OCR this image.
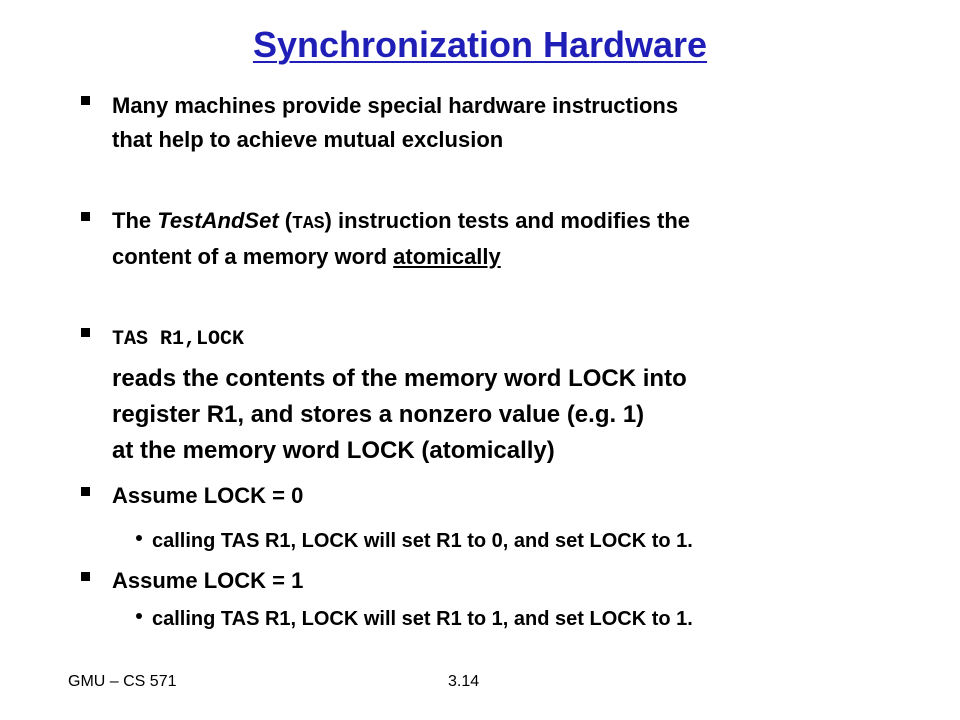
Synchronization Hardware
Many machines provide special hardware instructions
that help to achieve mutual exclusion
The TestAndSet (TAS) instruction tests and modifies the
content of a memory word atomically
TAS R1,LOCK
reads the contents of the memory word LOCK into
register R1, and stores a nonzero value (e.g. 1)
at the memory word LOCK (atomically)
Assume LOCK = 0
calling TAS R1, LOCK will set R1 to 0, and set LOCK to 1.
Assume LOCK = 1
calling TAS R1, LOCK will set R1 to 1, and set LOCK to 1.
GMU – CS 571	3.14
